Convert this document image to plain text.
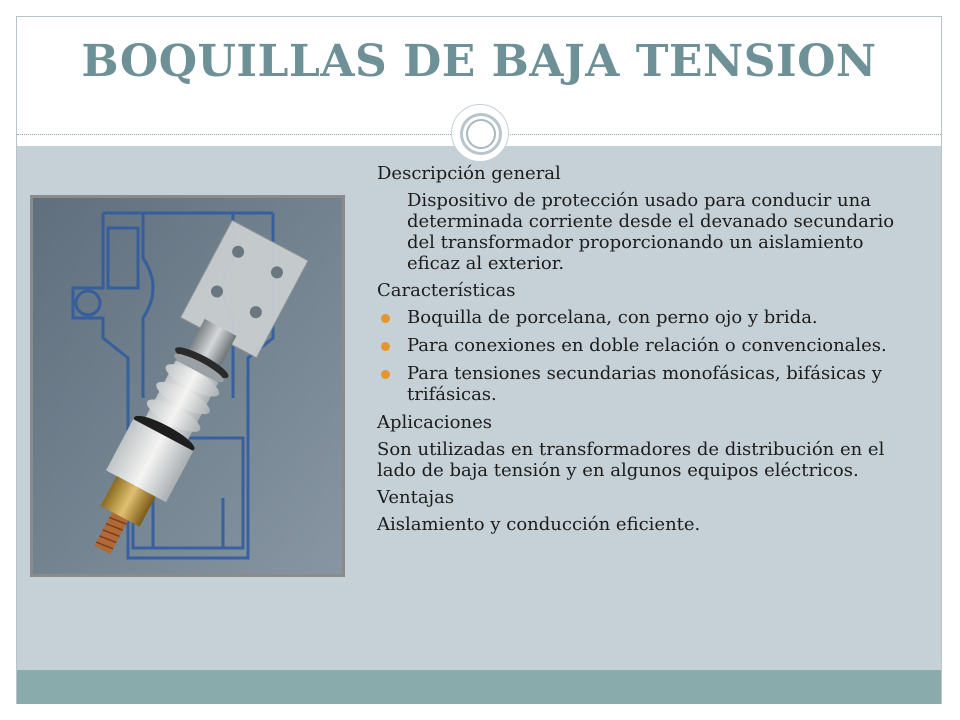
BOQUILLAS DE BAJA TENSION

Descripción general

Dispositivo de protección usado para conducir una determinada corriente desde el devanado secundario del transformador proporcionando un aislamiento eficaz al exterior.

Características

Boquilla de porcelana, con perno ojo y brida.
Para conexiones en doble relación o convencionales.
Para tensiones secundarias monofásicas, bifásicas y trifásicas.

Aplicaciones

Son utilizadas en transformadores de distribución en el lado de baja tensión y en algunos equipos eléctricos.

Ventajas

Aislamiento y conducción eficiente.
